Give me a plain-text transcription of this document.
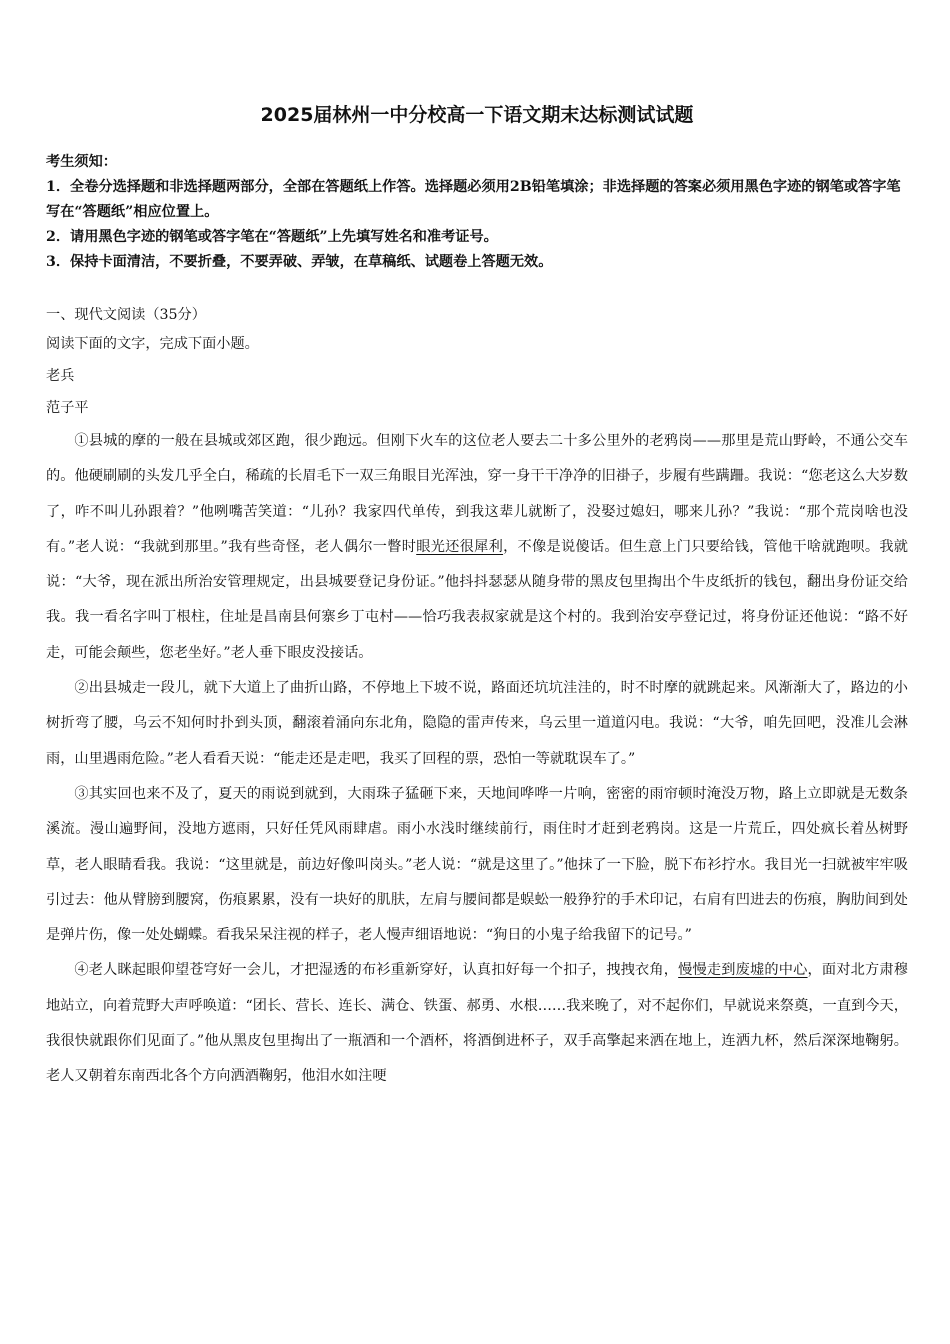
2025届林州一中分校高一下语文期末达标测试试题

考生须知：

1．全卷分选择题和非选择题两部分，全部在答题纸上作答。选择题必须用2B铅笔填涂；非选择题的答案必须用黑色字迹的钢笔或答字笔写在“答题纸”相应位置上。

2．请用黑色字迹的钢笔或答字笔在“答题纸”上先填写姓名和准考证号。

3．保持卡面清洁，不要折叠，不要弄破、弄皱，在草稿纸、试题卷上答题无效。

一、现代文阅读（35分）

阅读下面的文字，完成下面小题。

老兵

范子平

①县城的摩的一般在县城或郊区跑，很少跑远。但刚下火车的这位老人要去二十多公里外的老鸦岗——那里是荒山野岭，不通公交车的。他硬刷刷的头发几乎全白，稀疏的长眉毛下一双三角眼目光浑浊，穿一身干干净净的旧褂子，步履有些蹒跚。我说：“您老这么大岁数了，咋不叫儿孙跟着？”他咧嘴苦笑道：“儿孙？我家四代单传，到我这辈儿就断了，没娶过媳妇，哪来儿孙？”我说：“那个荒岗啥也没有。”老人说：“我就到那里。”我有些奇怪，老人偶尔一瞥时眼光还很犀利，不像是说傻话。但生意上门只要给钱，管他干啥就跑呗。我就说：“大爷，现在派出所治安管理规定，出县城要登记身份证。”他抖抖瑟瑟从随身带的黑皮包里掏出个牛皮纸折的钱包，翻出身份证交给我。我一看名字叫丁根柱，住址是昌南县何寨乡丁屯村——恰巧我表叔家就是这个村的。我到治安亭登记过，将身份证还他说：“路不好走，可能会颠些，您老坐好。”老人垂下眼皮没接话。

②出县城走一段儿，就下大道上了曲折山路，不停地上下坡不说，路面还坑坑洼洼的，时不时摩的就跳起来。风渐渐大了，路边的小树折弯了腰，乌云不知何时扑到头顶，翻滚着涌向东北角，隐隐的雷声传来，乌云里一道道闪电。我说：“大爷，咱先回吧，没准儿会淋雨，山里遇雨危险。”老人看看天说：“能走还是走吧，我买了回程的票，恐怕一等就耽误车了。”

③其实回也来不及了，夏天的雨说到就到，大雨珠子猛砸下来，天地间哗哗一片响，密密的雨帘顿时淹没万物，路上立即就是无数条溪流。漫山遍野间，没地方遮雨，只好任凭风雨肆虐。雨小水浅时继续前行，雨住时才赶到老鸦岗。这是一片荒丘，四处疯长着丛树野草，老人眼睛看我。我说：“这里就是，前边好像叫岗头。”老人说：“就是这里了。”他抹了一下脸，脱下布衫拧水。我目光一扫就被牢牢吸引过去：他从臂膀到腰窝，伤痕累累，没有一块好的肌肤，左肩与腰间都是蜈蚣一般狰狞的手术印记，右肩有凹进去的伤痕，胸肋间到处是弹片伤，像一处处蝴蝶。看我呆呆注视的样子，老人慢声细语地说：“狗日的小鬼子给我留下的记号。”

④老人眯起眼仰望苍穹好一会儿，才把湿透的布衫重新穿好，认真扣好每一个扣子，拽拽衣角，慢慢走到废墟的中心，面对北方肃穆地站立，向着荒野大声呼唤道：“团长、营长、连长、满仓、铁蛋、郝勇、水根……我来晚了，对不起你们，早就说来祭奠，一直到今天，我很快就跟你们见面了。”他从黑皮包里掏出了一瓶酒和一个酒杯，将酒倒进杯子，双手高擎起来洒在地上，连洒九杯，然后深深地鞠躬。老人又朝着东南西北各个方向洒酒鞠躬，他泪水如注哽
